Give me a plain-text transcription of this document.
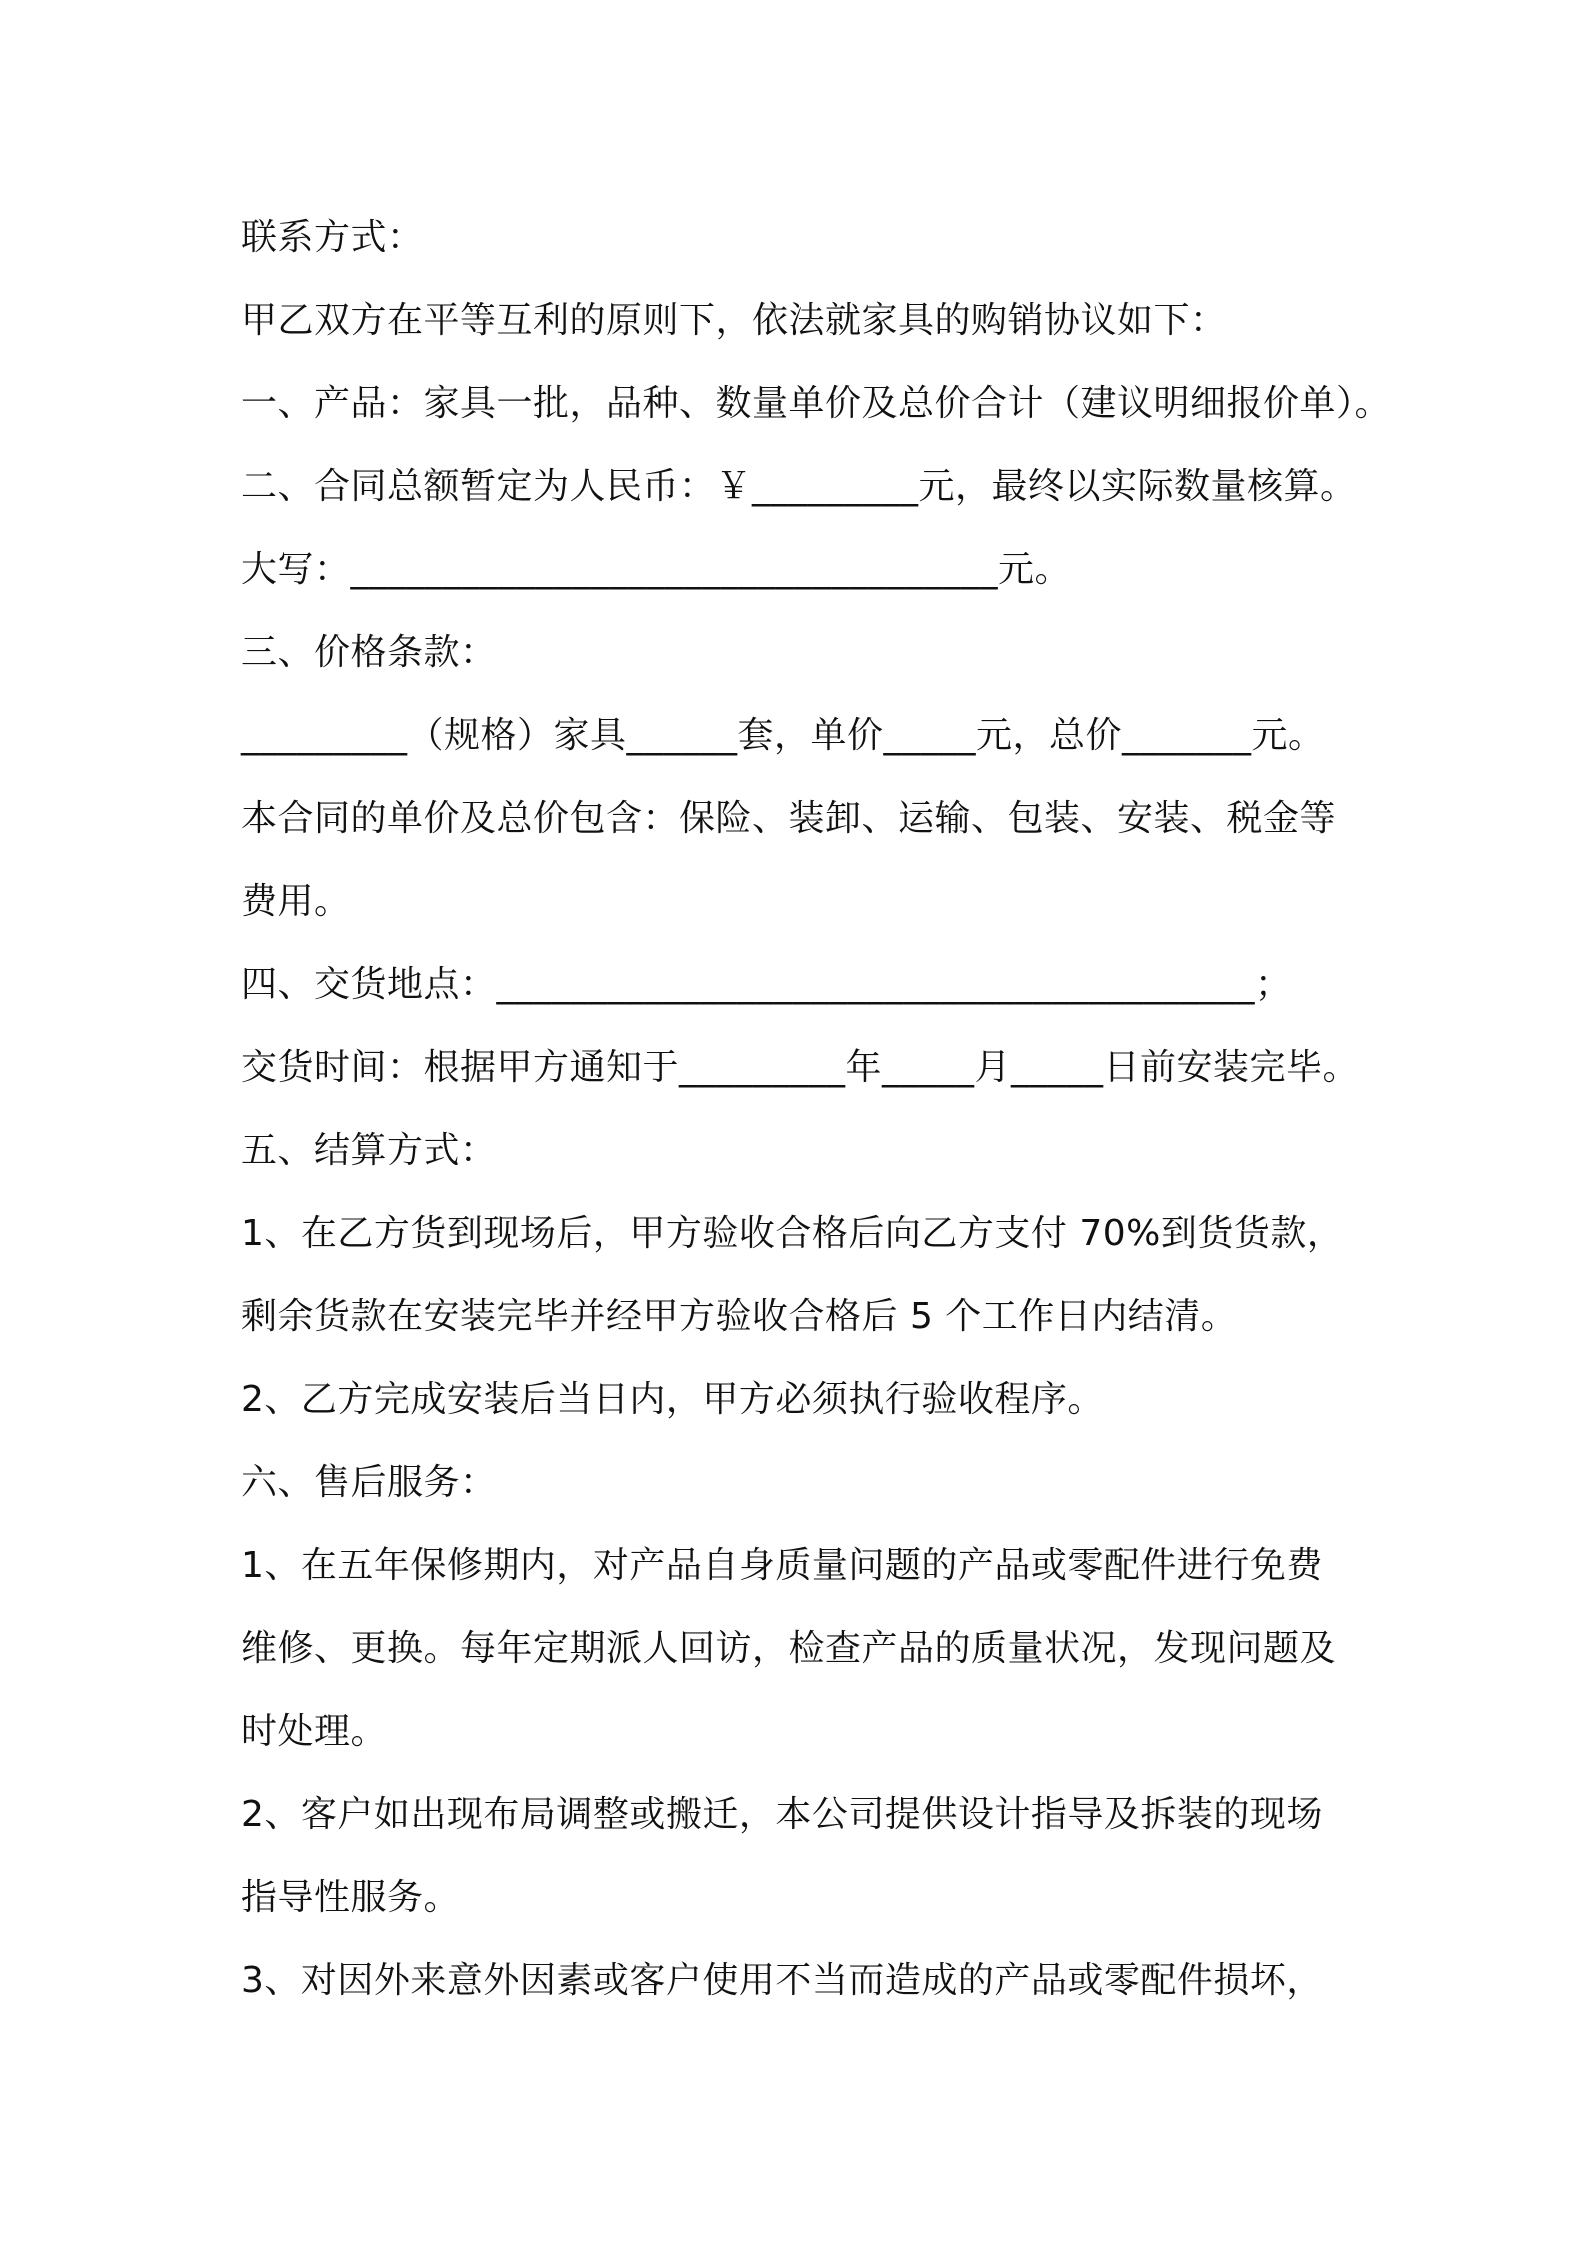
联系方式：
甲乙双方在平等互利的原则下，依法就家具的购销协议如下：
一、产品：家具一批，品种、数量单价及总价合计（建议明细报价单）。
二、合同总额暂定为人民币：￥_________元，最终以实际数量核算。
大写：___________________________________元。
三、价格条款：
_________（规格）家具______套，单价_____元，总价_______元。
本合同的单价及总价包含：保险、装卸、运输、包装、安装、税金等
费用。
四、交货地点：_________________________________________；
交货时间：根据甲方通知于_________年_____月_____日前安装完毕。
五、结算方式：
1、在乙方货到现场后，甲方验收合格后向乙方支付 70%到货货款，
剩余货款在安装完毕并经甲方验收合格后 5 个工作日内结清。
2、乙方完成安装后当日内，甲方必须执行验收程序。
六、售后服务：
1、在五年保修期内，对产品自身质量问题的产品或零配件进行免费
维修、更换。每年定期派人回访，检查产品的质量状况，发现问题及
时处理。
2、客户如出现布局调整或搬迁，本公司提供设计指导及拆装的现场
指导性服务。
3、对因外来意外因素或客户使用不当而造成的产品或零配件损坏，
